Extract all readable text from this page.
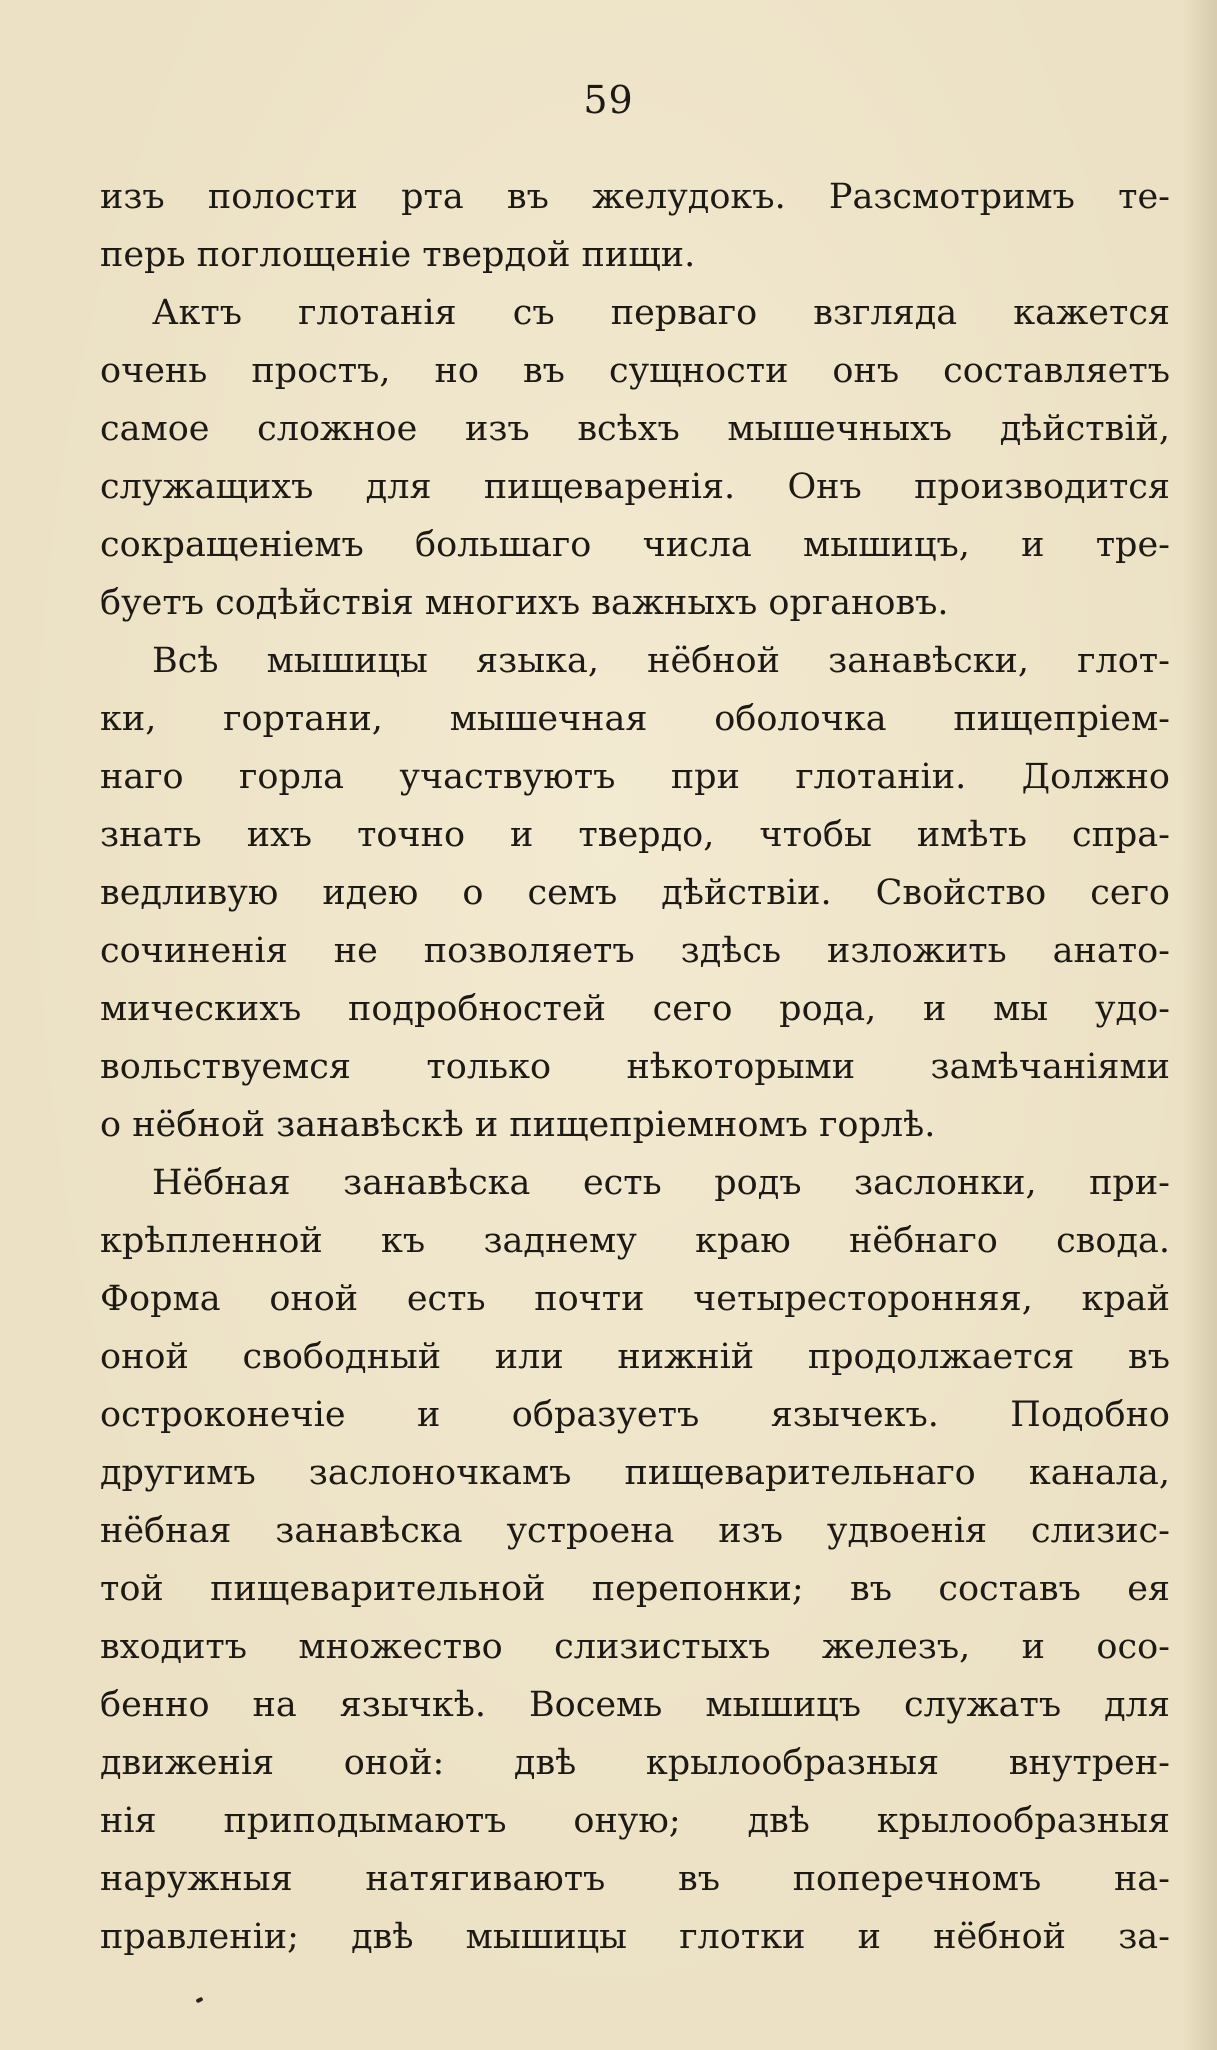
59
изъ полости рта въ желудокъ. Разсмотримъ те-
перь поглощеніе твердой пищи.
Актъ глотанія съ перваго взгляда кажется
очень простъ, но въ сущности онъ составляетъ
самое сложное изъ всѣхъ мышечныхъ дѣйствій,
служащихъ для пищеваренія. Онъ производится
сокращеніемъ большаго числа мышицъ, и тре-
буетъ содѣйствія многихъ важныхъ органовъ.
Всѣ мышицы языка, нёбной занавѣски, глот-
ки, гортани, мышечная оболочка пищепріем-
наго горла участвуютъ при глотаніи. Должно
знать ихъ точно и твердо, чтобы имѣть спра-
ведливую идею о семъ дѣйствіи. Свойство сего
сочиненія не позволяетъ здѣсь изложить анато-
мическихъ подробностей сего рода, и мы удо-
вольствуемся только нѣкоторыми замѣчаніями
о нёбной занавѣскѣ и пищепріемномъ горлѣ.
Нёбная занавѣска есть родъ заслонки, при-
крѣпленной къ заднему краю нёбнаго свода.
Форма оной есть почти четыресторонняя, край
оной свободный или нижній продолжается въ
остроконечіе и образуетъ язычекъ. Подобно
другимъ заслоночкамъ пищеварительнаго канала,
нёбная занавѣска устроена изъ удвоенія слизис-
той пищеварительной перепонки; въ составъ ея
входитъ множество слизистыхъ железъ, и осо-
бенно на язычкѣ. Восемь мышицъ служатъ для
движенія оной: двѣ крылообразныя внутрен-
нія приподымаютъ оную; двѣ крылообразныя
наружныя натягиваютъ въ поперечномъ на-
правленіи; двѣ мышицы глотки и нёбной за-
